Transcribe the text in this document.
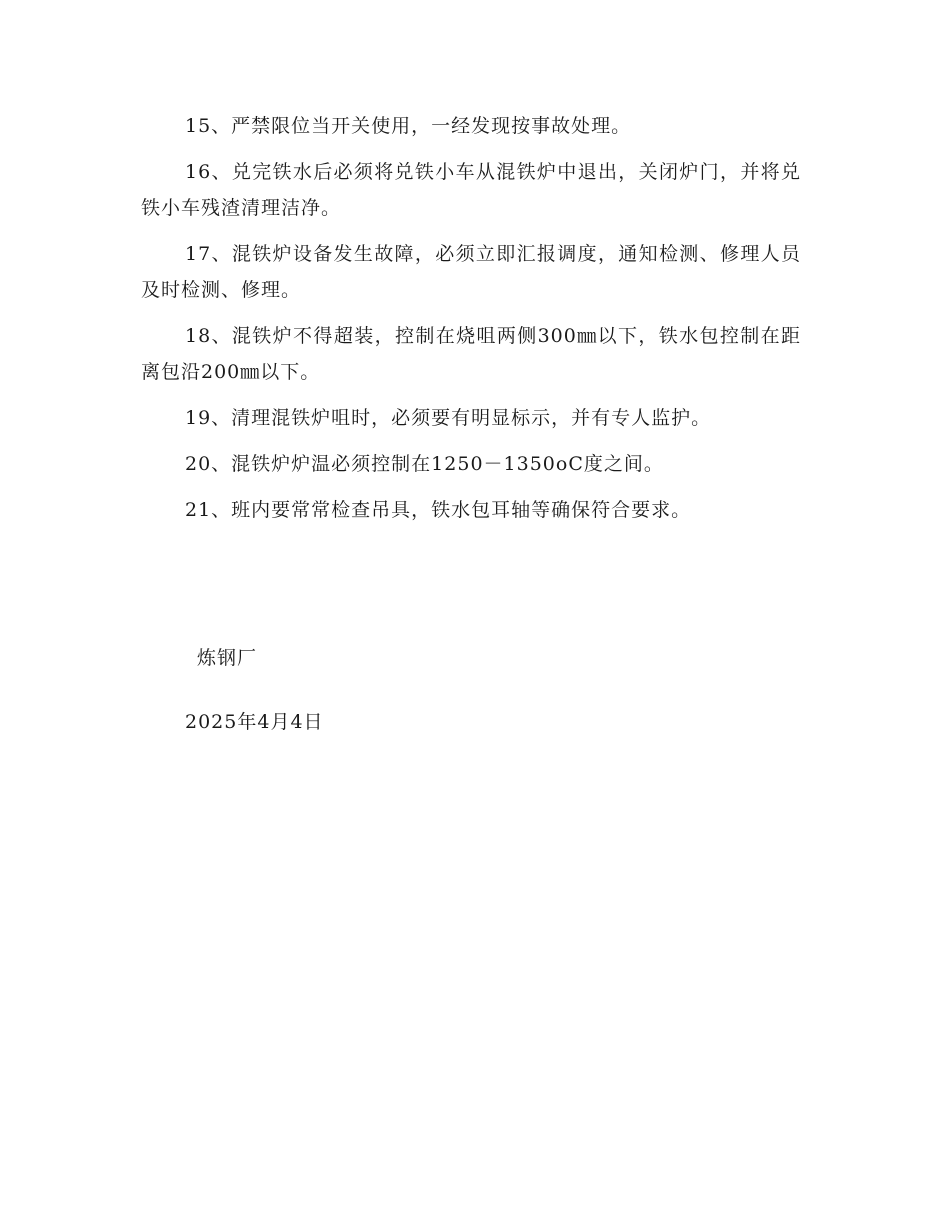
15、严禁限位当开关使用，一经发现按事故处理。

16、兑完铁水后必须将兑铁小车从混铁炉中退出，关闭炉门，并将兑铁小车残渣清理洁净。

17、混铁炉设备发生故障，必须立即汇报调度，通知检测、修理人员及时检测、修理。

18、混铁炉不得超装，控制在烧咀两侧300㎜以下，铁水包控制在距离包沿200㎜以下。

19、清理混铁炉咀时，必须要有明显标示，并有专人监护。

20、混铁炉炉温必须控制在1250－1350oC度之间。

21、班内要常常检查吊具，铁水包耳轴等确保符合要求。

炼钢厂

2025年4月4日
